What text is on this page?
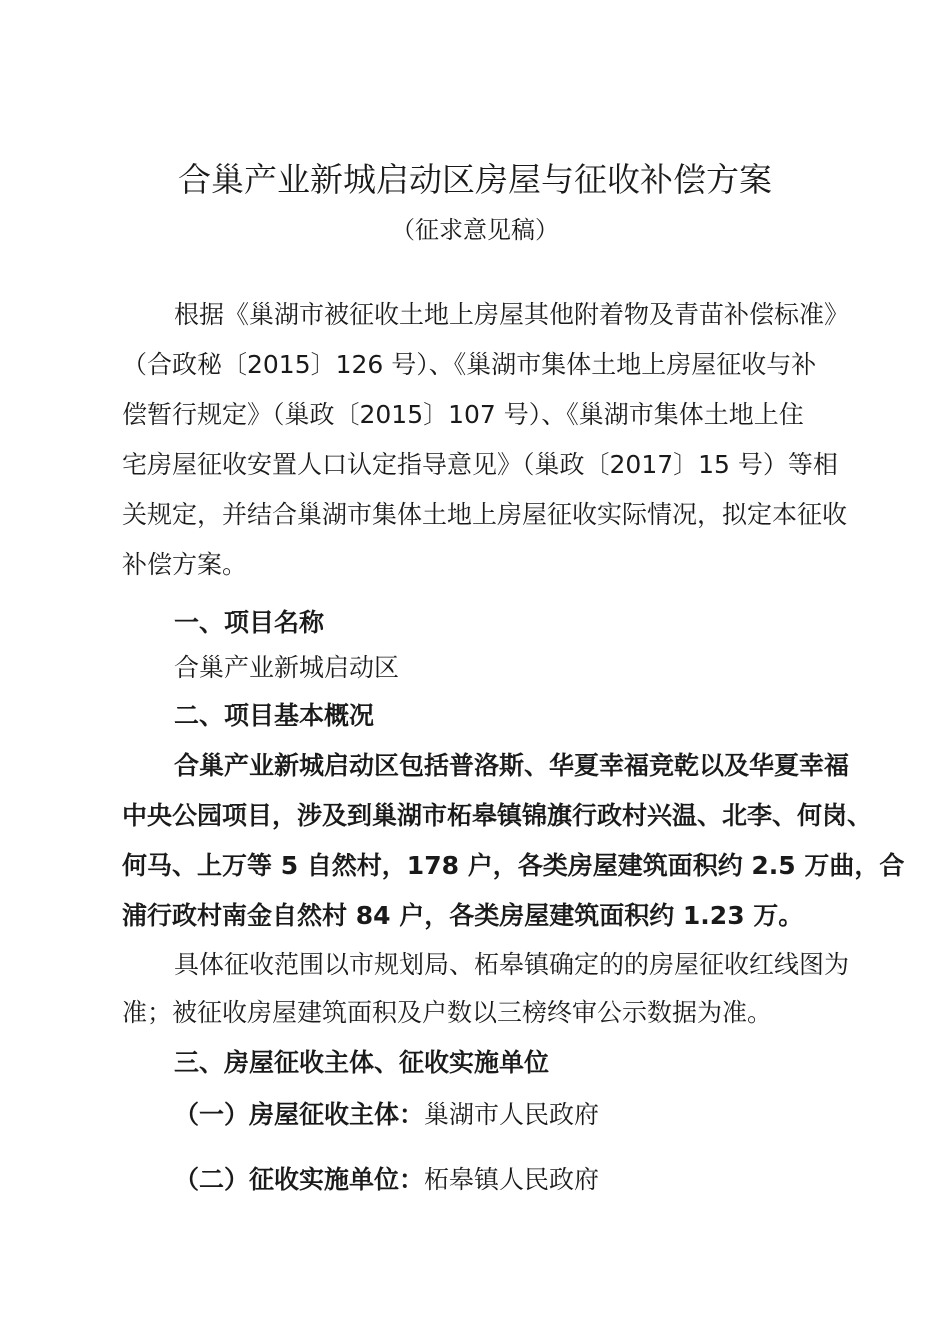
合巢产业新城启动区房屋与征收补偿方案
（征求意见稿）

根据《巢湖市被征收土地上房屋其他附着物及青苗补偿标准》

（合政秘〔2015〕126 号）、《巢湖市集体土地上房屋征收与补

偿暂行规定》（巢政〔2015〕107 号）、《巢湖市集体土地上住

宅房屋征收安置人口认定指导意见》（巢政〔2017〕15 号）等相

关规定，并结合巢湖市集体土地上房屋征收实际情况，拟定本征收

补偿方案。

一、项目名称

合巢产业新城启动区

二、项目基本概况

合巢产业新城启动区包括普洛斯、华夏幸福竞乾以及华夏幸福

中央公园项目，涉及到巢湖市柘皋镇锦旗行政村兴温、北李、何岗、

何马、上万等 5 自然村，178 户，各类房屋建筑面积约 2.5 万曲，合

浦行政村南金自然村 84 户，各类房屋建筑面积约 1.23 万。

具体征收范围以市规划局、柘皋镇确定的的房屋征收红线图为

准；被征收房屋建筑面积及户数以三榜终审公示数据为准。

三、房屋征收主体、征收实施单位

（一）房屋征收主体：巢湖市人民政府

（二）征收实施单位：柘皋镇人民政府
